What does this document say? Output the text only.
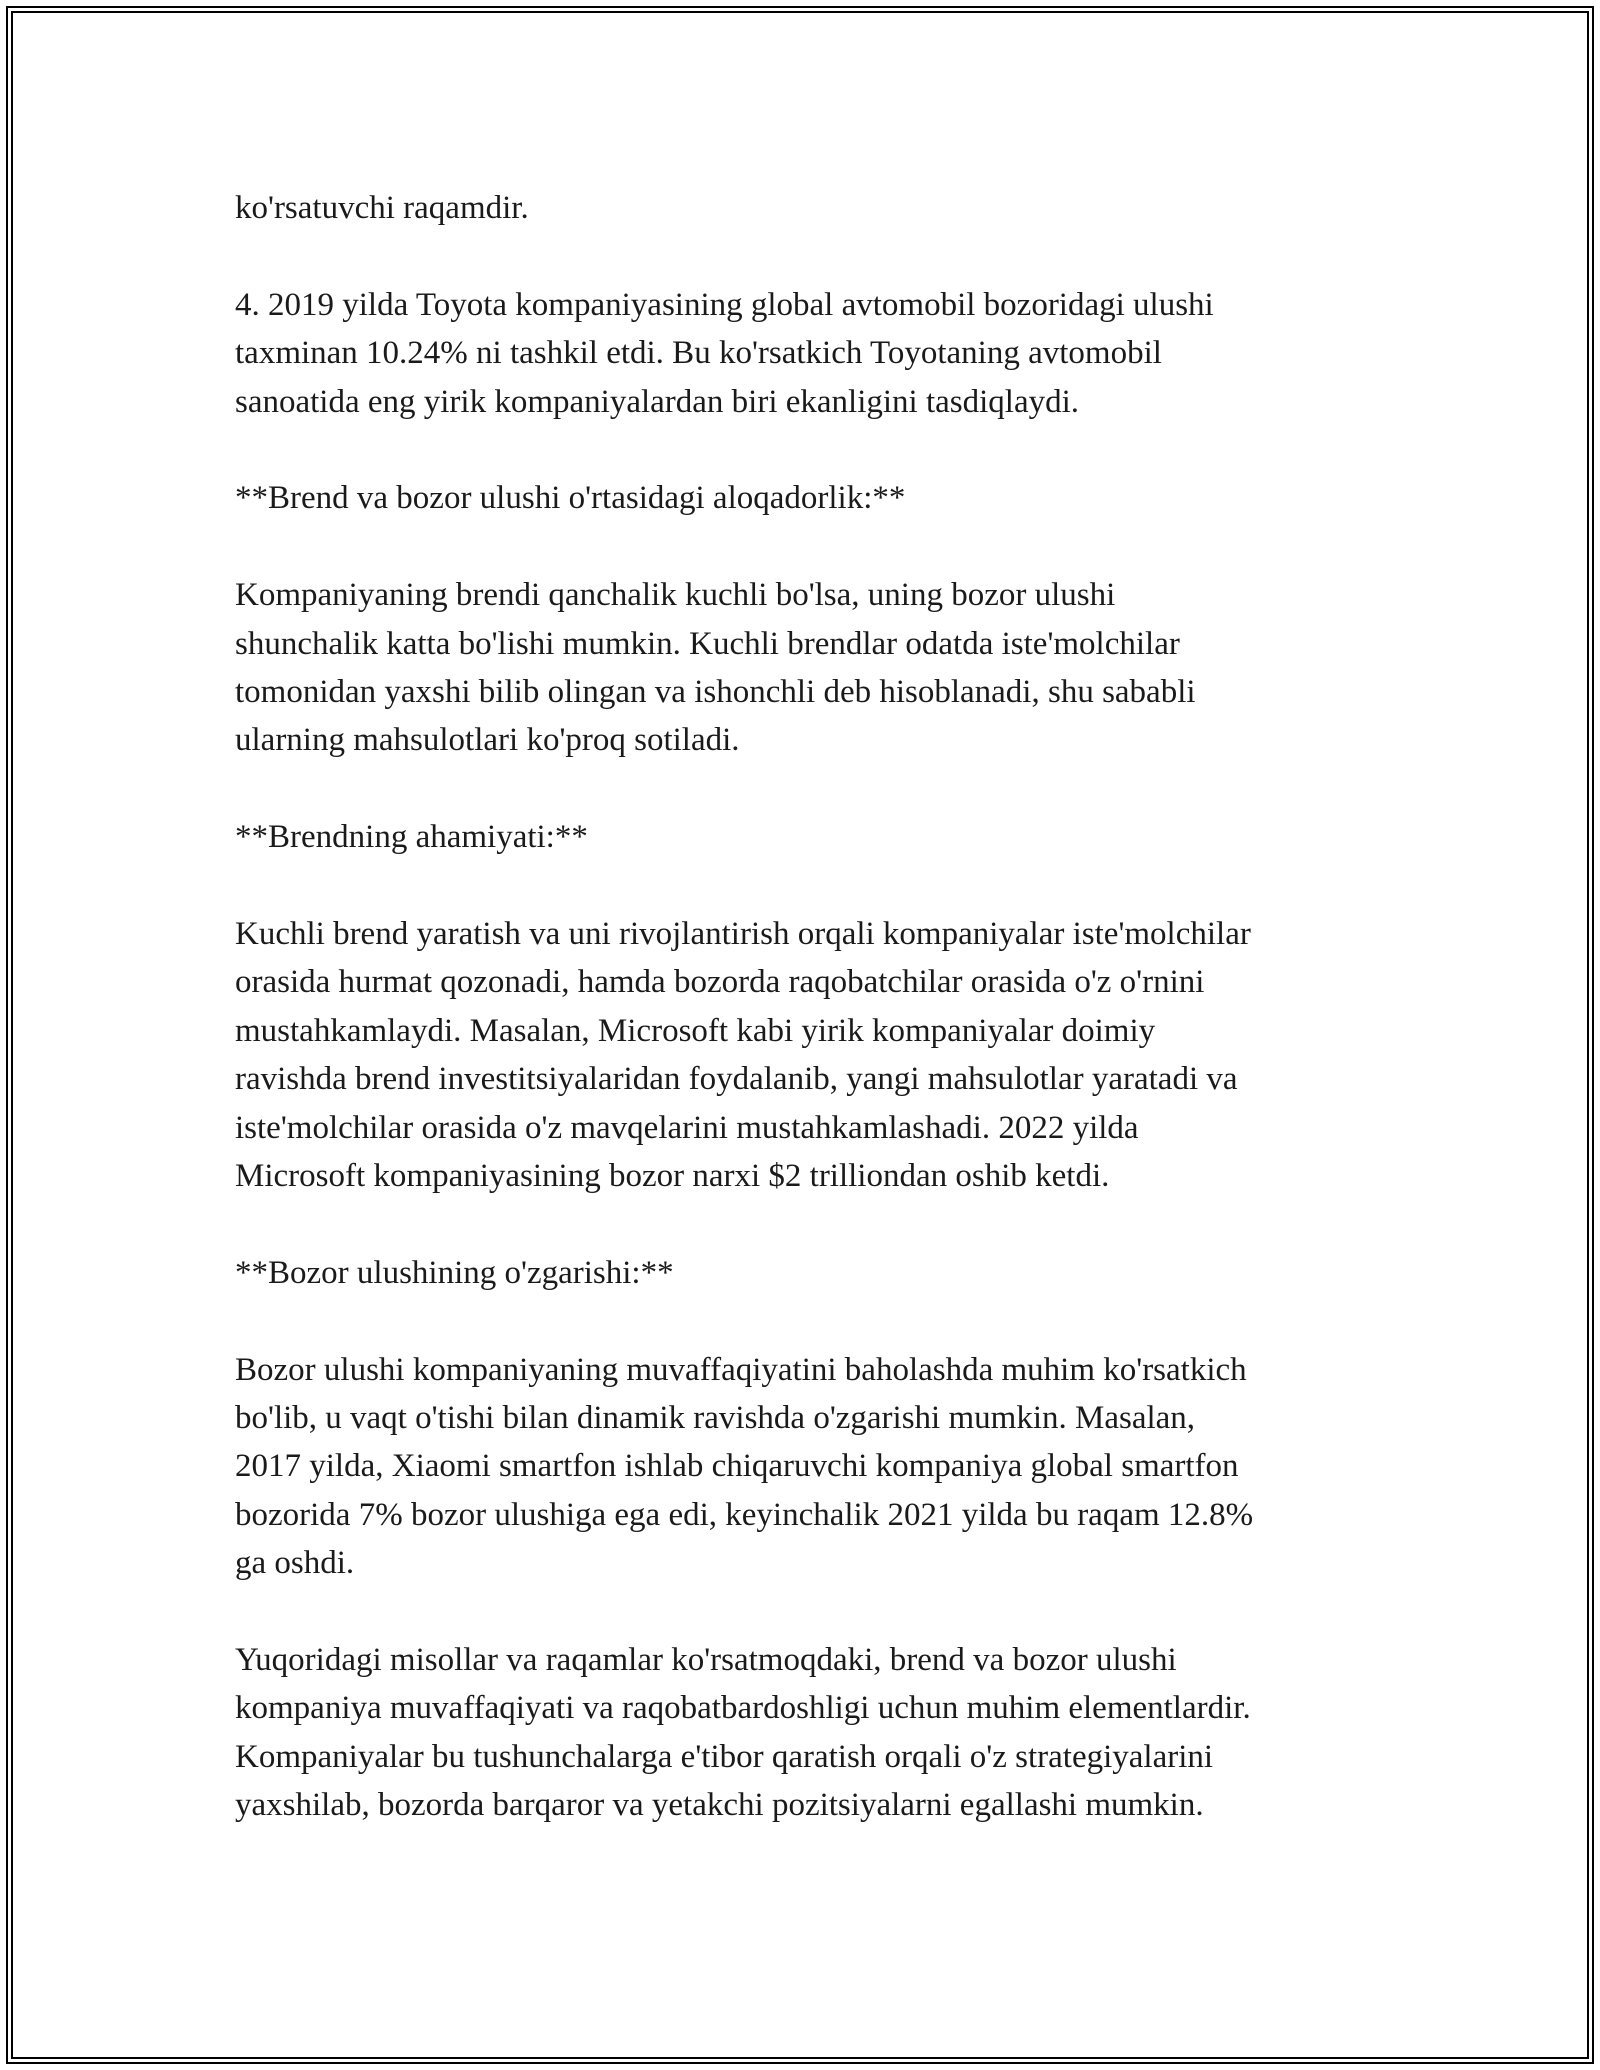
ko'rsatuvchi raqamdir.

4. 2019 yilda Toyota kompaniyasining global avtomobil bozoridagi ulushi
taxminan 10.24% ni tashkil etdi. Bu ko'rsatkich Toyotaning avtomobil
sanoatida eng yirik kompaniyalardan biri ekanligini tasdiqlaydi.

**Brend va bozor ulushi o'rtasidagi aloqadorlik:**

Kompaniyaning brendi qanchalik kuchli bo'lsa, uning bozor ulushi
shunchalik katta bo'lishi mumkin. Kuchli brendlar odatda iste'molchilar
tomonidan yaxshi bilib olingan va ishonchli deb hisoblanadi, shu sababli
ularning mahsulotlari ko'proq sotiladi.

**Brendning ahamiyati:**

Kuchli brend yaratish va uni rivojlantirish orqali kompaniyalar iste'molchilar
orasida hurmat qozonadi, hamda bozorda raqobatchilar orasida o'z o'rnini
mustahkamlaydi. Masalan, Microsoft kabi yirik kompaniyalar doimiy
ravishda brend investitsiyalaridan foydalanib, yangi mahsulotlar yaratadi va
iste'molchilar orasida o'z mavqelarini mustahkamlashadi. 2022 yilda
Microsoft kompaniyasining bozor narxi $2 trilliondan oshib ketdi.

**Bozor ulushining o'zgarishi:**

Bozor ulushi kompaniyaning muvaffaqiyatini baholashda muhim ko'rsatkich
bo'lib, u vaqt o'tishi bilan dinamik ravishda o'zgarishi mumkin. Masalan,
2017 yilda, Xiaomi smartfon ishlab chiqaruvchi kompaniya global smartfon
bozorida 7% bozor ulushiga ega edi, keyinchalik 2021 yilda bu raqam 12.8%
ga oshdi.

Yuqoridagi misollar va raqamlar ko'rsatmoqdaki, brend va bozor ulushi
kompaniya muvaffaqiyati va raqobatbardoshligi uchun muhim elementlardir.
Kompaniyalar bu tushunchalarga e'tibor qaratish orqali o'z strategiyalarini
yaxshilab, bozorda barqaror va yetakchi pozitsiyalarni egallashi mumkin.
